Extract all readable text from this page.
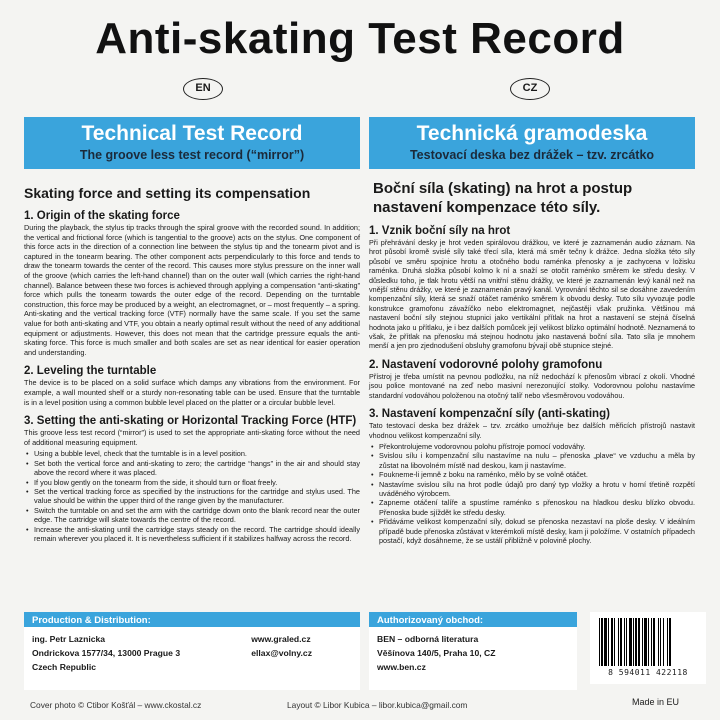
Anti-skating Test Record
EN	CZ
Technical Test Record
The groove less test record (“mirror”)
Skating force and setting its compensation
1. Origin of the skating force
During the playback, the stylus tip tracks through the spiral groove with the recorded sound. In addition; the vertical and frictional force (which is tangential to the groove) acts on the stylus. One component of this force acts in the direction of a connection line between the stylus tip and the tonearm pivot and is captured in the tonearm bearing. The other component acts perpendicularly to this force and tends to draw the tonearm towards the center of the record. This causes more stylus pressure on the inner wall of the groove (which carries the left-hand channel) than on the outer wall (which carries the right-hand channel). Balance between these two forces is achieved through applying a compensation “anti-skating” force which pulls the tonearm towards the outer edge of the record. Depending on the turntable construction, this force may be produced by a weight, an electromagnet, or – most frequently – a spring. Anti-skating and the vertical tracking force (VTF) normally have the same scale. If you set the same value for both anti-skating and VTF, you obtain a nearly optimal result without the need of any additional equipment or adjustments. However, this does not mean that the cartridge pressure equals the anti-skating force. This force is much smaller and both scales are set as near identical for easier operation and understanding.
2. Leveling the turntable
The device is to be placed on a solid surface which damps any vibrations from the environment. For example, a wall mounted shelf or a sturdy non-resonating table can be used. Ensure that the turntable is in a level position using a common bubble level placed on the platter or a circular bubble level.
3. Setting the anti-skating or Horizontal Tracking Force (HTF)
This groove less test record (“mirror”) is used to set the appropriate anti-skating force without the need of additional measuring equipment.
• Using a bubble level, check that the turntable is in a level position.
• Set both the vertical force and anti-skating to zero; the cartridge “hangs” in the air and should stay above the record where it was placed.
• If you blow gently on the tonearm from the side, it should turn or float freely.
• Set the vertical tracking force as specified by the instructions for the cartridge and stylus used. The value should be within the upper third of the range given by the manufacturer.
• Switch the turntable on and set the arm with the cartridge down onto the blank record near the outer edge. The cartridge will skate towards the centre of the record.
• Increase the anti-skating until the cartridge stays steady on the record. The cartridge should ideally remain wherever you placed it. It is nevertheless sufficient if it stabilizes halfway across the record.
Technická gramodeska
Testovací deska bez drážek – tzv. zrcátko
Boční síla (skating) na hrot a postup nastavení kompenzace této síly.
1. Vznik boční síly na hrot
Při přehrávání desky je hrot veden spirálovou drážkou, ve které je zaznamenán audio záznam. Na hrot působí kromě svislé síly také třecí síla, která má směr tečny k drážce. Jedna složka této síly působí ve směru spojnice hrotu a otočného bodu raménka přenosky a je zachycena v ložisku raménka. Druhá složka působí kolmo k ní a snaží se otočit raménko směrem ke středu desky. V důsledku toho, je tlak hrotu větší na vnitřní stěnu drážky, ve které je zaznamenán levý kanál než na vnější stěnu drážky, ve které je zaznamenán pravý kanál. Vyrovnání těchto sil se dosáhne zavedením kompenzační síly, která se snaží otáčet raménko směrem k obvodu desky. Tuto sílu vyvozuje podle konstrukce gramofonu závažíčko nebo elektromagnet, nejčastěji však pružinka. Většinou má nastavení boční síly stejnou stupnici jako vertikální přítlak na hrot a nastavení se stejná číselná hodnota jako u přítlaku, je i bez dalších pomůcek její velikost blízko optimální hodnotě. Neznamená to však, že přítlak na přenosku má stejnou hodnotu jako nastavená boční síla. Tato síla je mnohem menší a jen pro zjednodušení obsluhy gramofonu bývají obě stupnice stejné.
2. Nastavení vodorovné polohy gramofonu
Přístroj je třeba umístit na pevnou podložku, na níž nedochází k přenosům vibrací z okolí. Vhodné jsou police montované na zeď nebo masivní nerezonující stolky. Vodorovnou polohu nastavíme standardní vodováhou položenou na otočný talíř nebo všesměrovou vodováhou.
3. Nastavení kompenzační síly (anti-skating)
Tato testovací deska bez drážek – tzv. zrcátko umožňuje bez dalších měřicích přístrojů nastavit vhodnou velikost kompenzační síly.
• Překontrolujeme vodorovnou polohu přístroje pomocí vodováhy.
• Svislou sílu i kompenzační sílu nastavíme na nulu – přenoska „plave“ ve vzduchu a měla by zůstat na libovolném místě nad deskou, kam ji nastavíme.
• Foukneme-li jemně z boku na raménko, mělo by se volně otáčet.
• Nastavíme svislou sílu na hrot podle údajů pro daný typ vložky a hrotu v horní třetině rozpětí uváděného výrobcem.
• Zapneme otáčení talíře a spustíme raménko s přenoskou na hladkou desku blízko obvodu. Přenoska bude sjíždět ke středu desky.
• Přidáváme velikost kompenzační síly, dokud se přenoska nezastaví na ploše desky. V ideálním případě bude přenoska zůstávat v kterémkoli místě desky, kam ji položíme. V ostatních případech postačí, když dosáhneme, že se ustálí přibližně v polovině plochy.
Production & Distribution:
ing. Petr Laznicka
Ondrickova 1577/34, 13000 Prague 3
Czech Republic
www.graled.cz
ellax@volny.cz
Authorizovaný obchod:
BEN – odborná literatura
Věšínova 140/5, Praha 10, CZ
www.ben.cz
8 594011 422118
Made in EU
Cover photo © Ctibor Košťál – www.ckostal.cz	Layout © Libor Kubica – libor.kubica@gmail.com
